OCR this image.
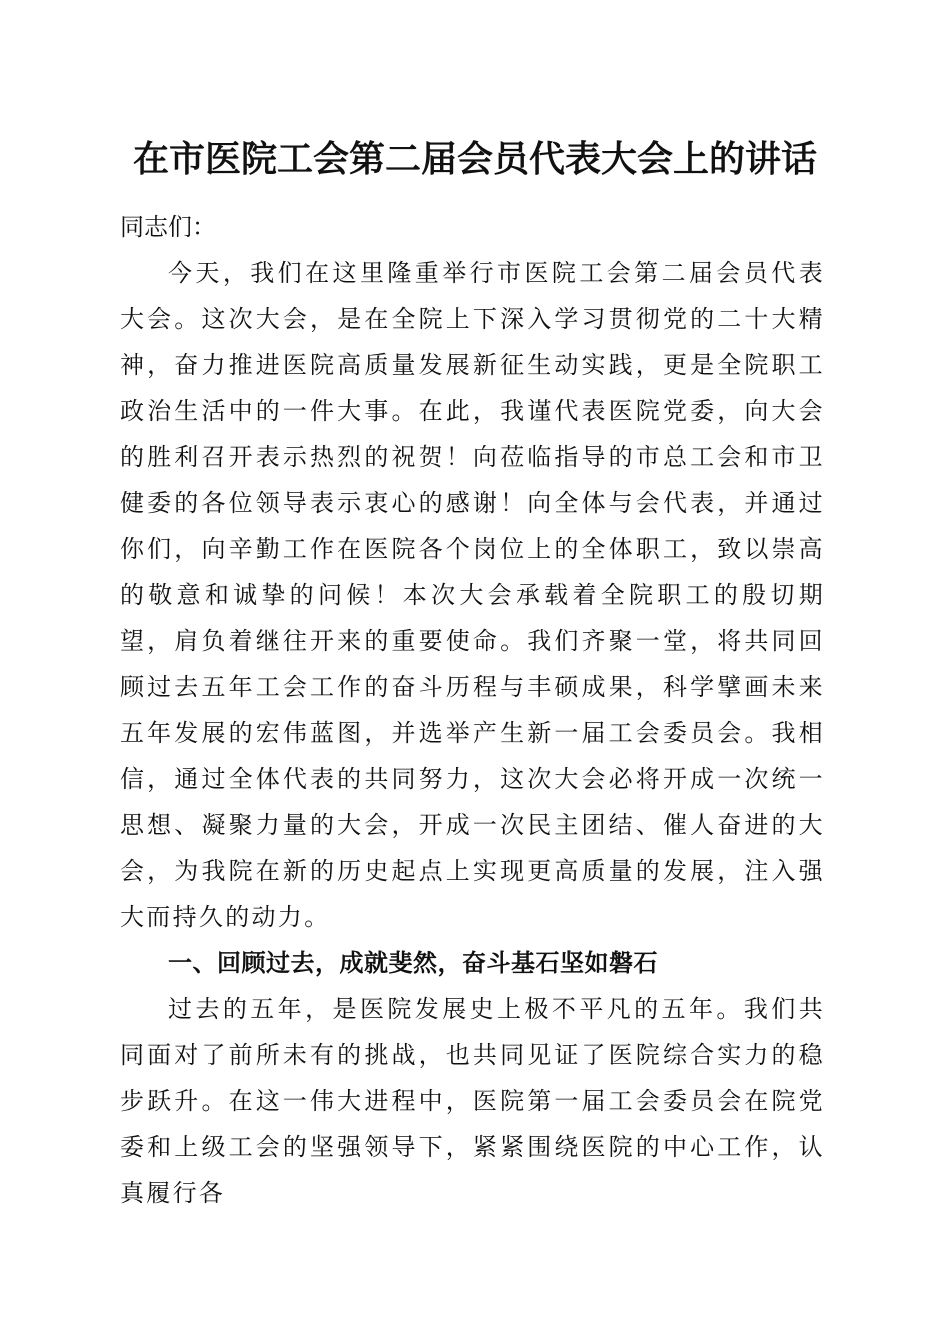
在市医院工会第二届会员代表大会上的讲话

同志们：

今天，我们在这里隆重举行市医院工会第二届会员代表大会。这次大会，是在全院上下深入学习贯彻党的二十大精神，奋力推进医院高质量发展新征生动实践，更是全院职工政治生活中的一件大事。在此，我谨代表医院党委，向大会的胜利召开表示热烈的祝贺！向莅临指导的市总工会和市卫健委的各位领导表示衷心的感谢！向全体与会代表，并通过你们，向辛勤工作在医院各个岗位上的全体职工，致以崇高的敬意和诚挚的问候！本次大会承载着全院职工的殷切期望，肩负着继往开来的重要使命。我们齐聚一堂，将共同回顾过去五年工会工作的奋斗历程与丰硕成果，科学擘画未来五年发展的宏伟蓝图，并选举产生新一届工会委员会。我相信，通过全体代表的共同努力，这次大会必将开成一次统一思想、凝聚力量的大会，开成一次民主团结、催人奋进的大会，为我院在新的历史起点上实现更高质量的发展，注入强大而持久的动力。

一、回顾过去，成就斐然，奋斗基石坚如磐石

过去的五年，是医院发展史上极不平凡的五年。我们共同面对了前所未有的挑战，也共同见证了医院综合实力的稳步跃升。在这一伟大进程中，医院第一届工会委员会在院党委和上级工会的坚强领导下，紧紧围绕医院的中心工作，认真履行各
